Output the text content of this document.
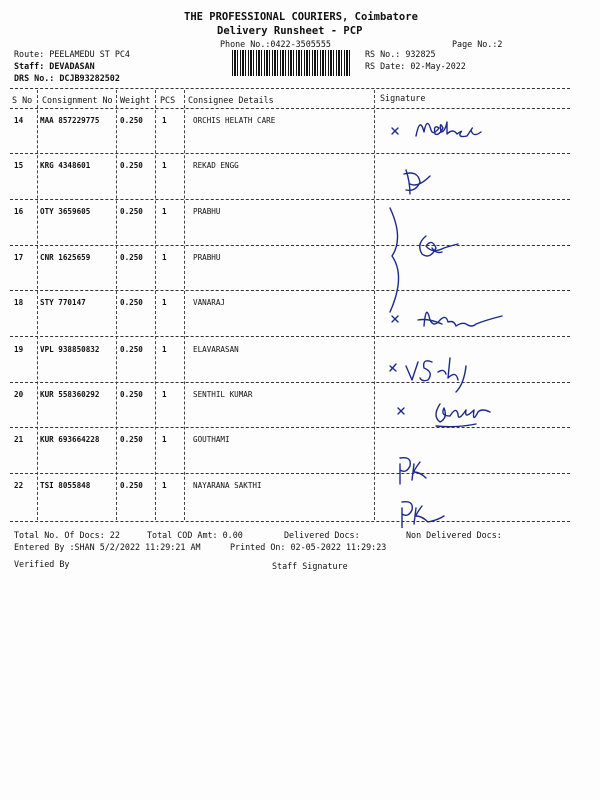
THE PROFESSIONAL COURIERS, Coimbatore
Delivery Runsheet - PCP
Phone No.:0422-3505555	Page No.:2
Route: PEELAMEDU ST PC4
Staff: DEVADASAN
DRS No.: DCJB93282502
RS No.: 932825
RS Date: 02-May-2022
S No Consignment No Weight PCS Consignee Details	Signature
14 MAA 857229775	0.250	1	ORCHIS HELATH CARE
15 KRG 4348601	0.250	1	REKAD ENGG
16 OTY 3659605	0.250	1	PRABHU
17 CNR 1625659	0.250	1	PRABHU
18 STY 770147	0.250	1	VANARAJ
19 VPL 938850832	0.250	1	ELAVARASAN
20 KUR 558360292	0.250	1	SENTHIL KUMAR
21 KUR 693664228	0.250	1	GOUTHAMI
22 TSI 8055848	0.250	1	NAYARANA SAKTHI
Total No. Of Docs: 22	Total COD Amt: 0.00	Delivered Docs:	Non Delivered Docs:
Entered By :SHAN 5/2/2022 11:29:21 AM	Printed On: 02-05-2022 11:29:23
Verified By	Staff Signature
